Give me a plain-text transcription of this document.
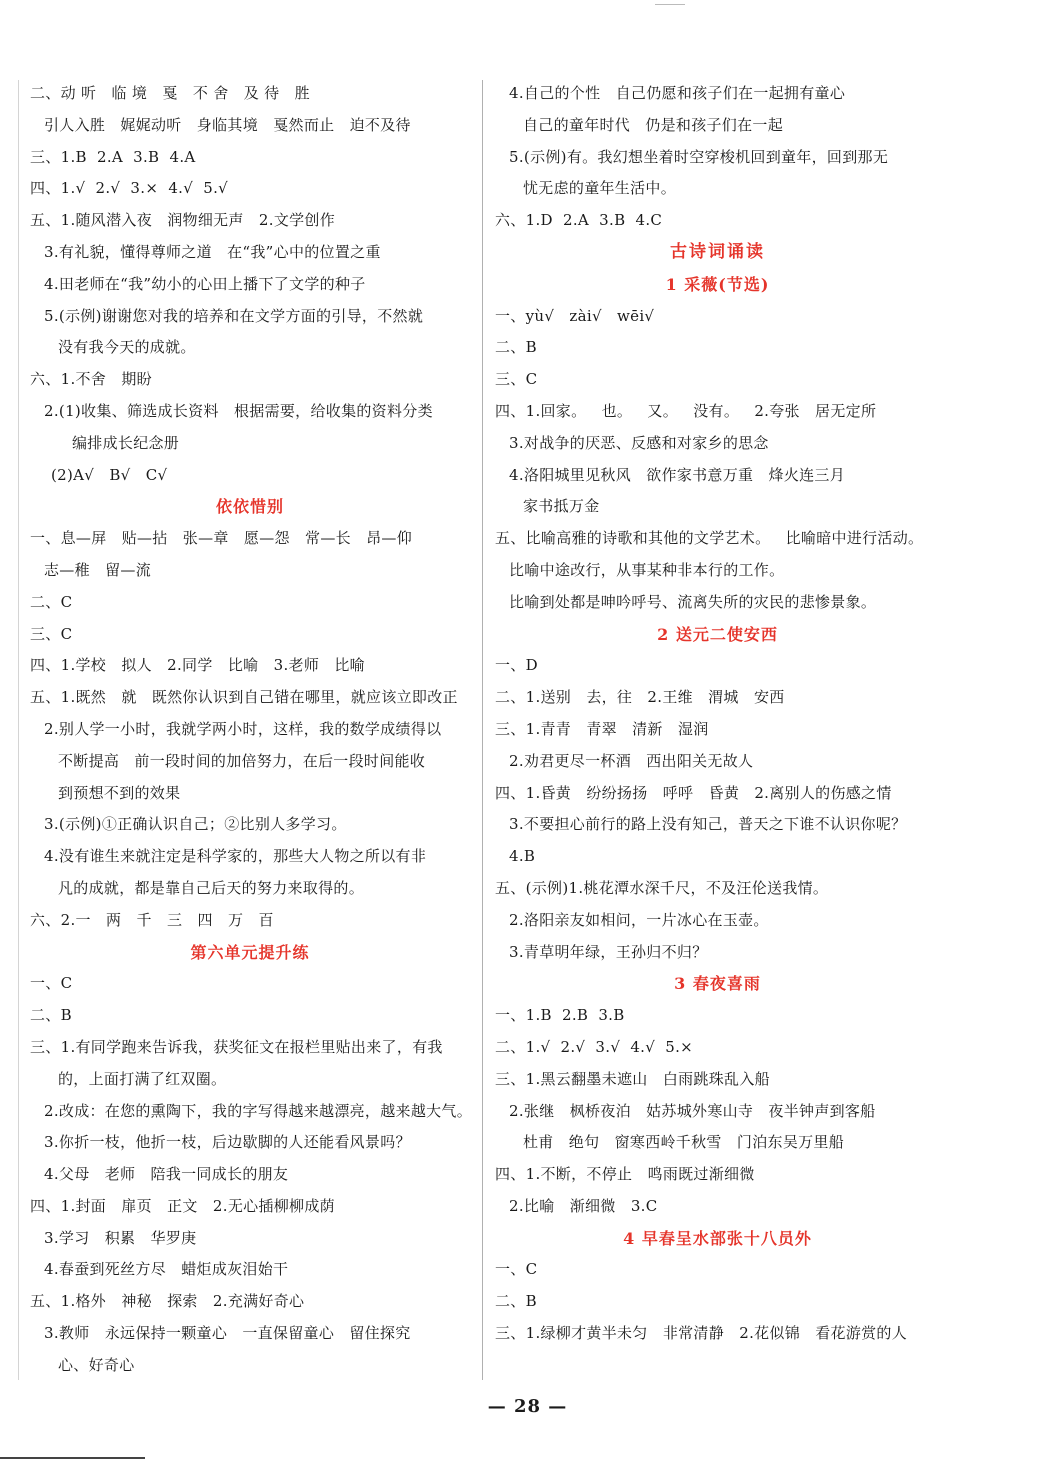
二、动 听   临 境   戛   不 舍   及 待   胜
引人入胜   娓娓动听   身临其境   戛然而止   迫不及待
三、1.B  2.A  3.B  4.A
四、1.√  2.√  3.×  4.√  5.√
五、1.随风潜入夜   润物细无声   2.文学创作
3.有礼貌，懂得尊师之道   在“我”心中的位置之重
4.田老师在“我”幼小的心田上播下了文学的种子
5.(示例)谢谢您对我的培养和在文学方面的引导，不然就
没有我今天的成就。
六、1.不舍   期盼
2.(1)收集、筛选成长资料   根据需要，给收集的资料分类
编排成长纪念册
(2)A√   B√   C√
依依惜别
一、息—屏   贴—拈   张—章   愿—怨   常—长   昂—仰
志—稚   留—流
二、C
三、C
四、1.学校   拟人   2.同学   比喻   3.老师   比喻
五、1.既然   就   既然你认识到自己错在哪里，就应该立即改正
2.别人学一小时，我就学两小时，这样，我的数学成绩得以
不断提高   前一段时间的加倍努力，在后一段时间能收
到预想不到的效果
3.(示例)①正确认识自己；②比别人多学习。
4.没有谁生来就注定是科学家的，那些大人物之所以有非
凡的成就，都是靠自己后天的努力来取得的。
六、2.一   两   千   三   四   万   百
第六单元提升练
一、C
二、B
三、1.有同学跑来告诉我，获奖征文在报栏里贴出来了，有我
的，上面打满了红双圈。
2.改成：在您的熏陶下，我的字写得越来越漂亮，越来越大气。
3.你折一枝，他折一枝，后边歇脚的人还能看风景吗？
4.父母   老师   陪我一同成长的朋友
四、1.封面   扉页   正文   2.无心插柳柳成荫
3.学习   积累   华罗庚
4.春蚕到死丝方尽   蜡炬成灰泪始干
五、1.格外   神秘   探索   2.充满好奇心
3.教师   永远保持一颗童心   一直保留童心   留住探究
心、好奇心
4.自己的个性   自己仍愿和孩子们在一起拥有童心
自己的童年时代   仍是和孩子们在一起
5.(示例)有。我幻想坐着时空穿梭机回到童年，回到那无
忧无虑的童年生活中。
六、1.D  2.A  3.B  4.C
古诗词诵读
1 采薇(节选)
一、yù√   zài√   wēi√
二、B
三、C
四、1.回家。   也。   又。   没有。   2.夸张   居无定所
3.对战争的厌恶、反感和对家乡的思念
4.洛阳城里见秋风   欲作家书意万重   烽火连三月
家书抵万金
五、比喻高雅的诗歌和其他的文学艺术。   比喻暗中进行活动。
比喻中途改行，从事某种非本行的工作。
比喻到处都是呻吟呼号、流离失所的灾民的悲惨景象。
2 送元二使安西
一、D
二、1.送别   去，往   2.王维   渭城   安西
三、1.青青   青翠   清新   湿润
2.劝君更尽一杯酒   西出阳关无故人
四、1.昏黄   纷纷扬扬   呼呼   昏黄   2.离别人的伤感之情
3.不要担心前行的路上没有知己，普天之下谁不认识你呢？
4.B
五、(示例)1.桃花潭水深千尺，不及汪伦送我情。
2.洛阳亲友如相问，一片冰心在玉壶。
3.青草明年绿，王孙归不归？
3 春夜喜雨
一、1.B  2.B  3.B
二、1.√  2.√  3.√  4.√  5.×
三、1.黑云翻墨未遮山   白雨跳珠乱入船
2.张继   枫桥夜泊   姑苏城外寒山寺   夜半钟声到客船
杜甫   绝句   窗寒西岭千秋雪   门泊东吴万里船
四、1.不断，不停止   鸣雨既过渐细微
2.比喻   渐细微   3.C
4 早春呈水部张十八员外
一、C
二、B
三、1.绿柳才黄半未匀   非常清静   2.花似锦   看花游赏的人
— 28 —
